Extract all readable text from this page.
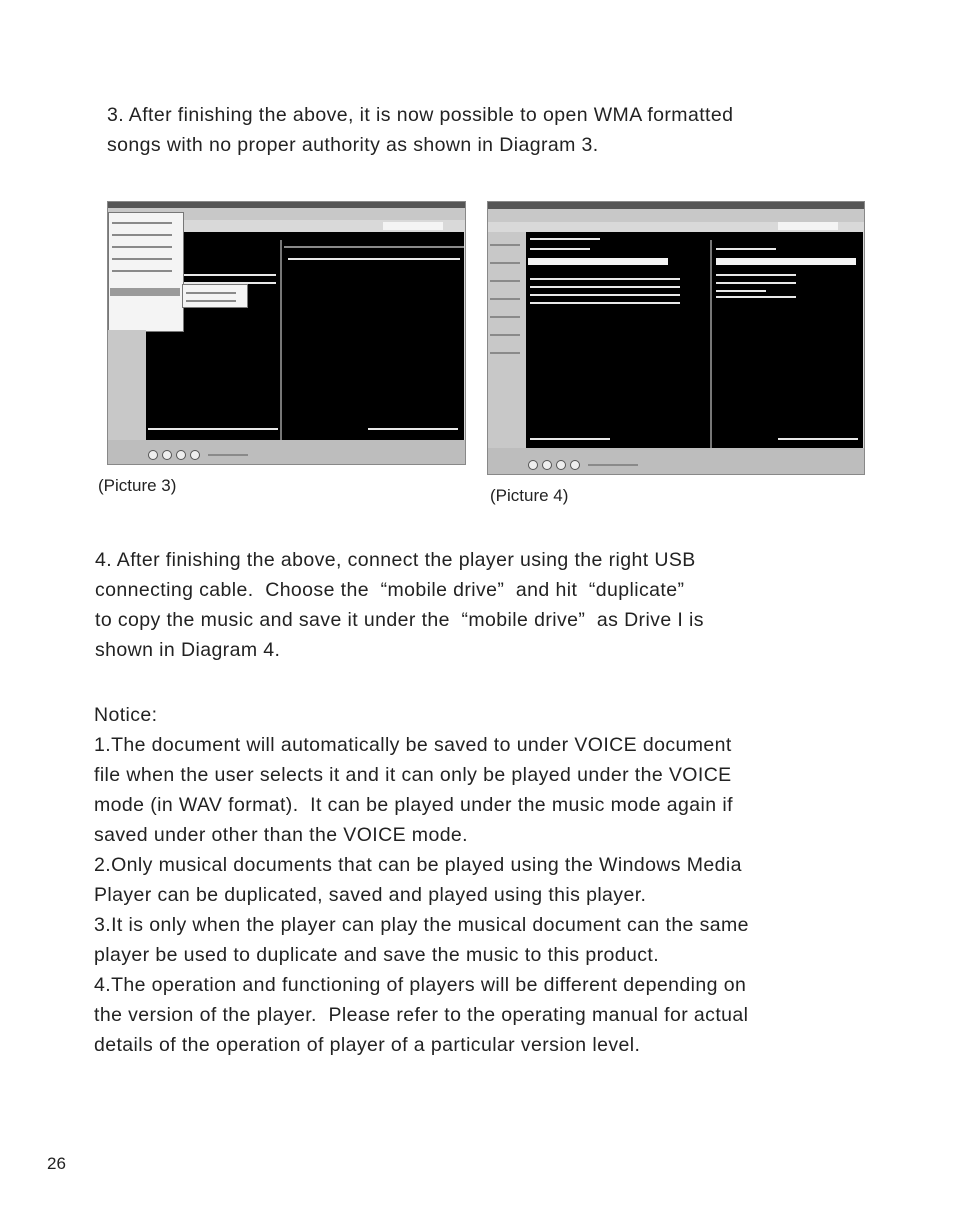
3. After finishing the above, it is now possible to open WMA formatted
songs with no proper authority as shown in Diagram 3.
(Picture 3)
(Picture 4)
4. After finishing the above, connect the player using the right USB
connecting cable.  Choose the  “mobile drive”  and hit  “duplicate”
to copy the music and save it under the  “mobile drive”  as Drive I is
shown in Diagram 4.
Notice:
1.The document will automatically be saved to under VOICE document
file when the user selects it and it can only be played under the VOICE
mode (in WAV format).  It can be played under the music mode again if
saved under other than the VOICE mode.
2.Only musical documents that can be played using the Windows Media
Player can be duplicated, saved and played using this player.
3.It is only when the player can play the musical document can the same
player be used to duplicate and save the music to this product.
4.The operation and functioning of players will be different depending on
the version of the player.  Please refer to the operating manual for actual
details of the operation of player of a particular version level.
26
